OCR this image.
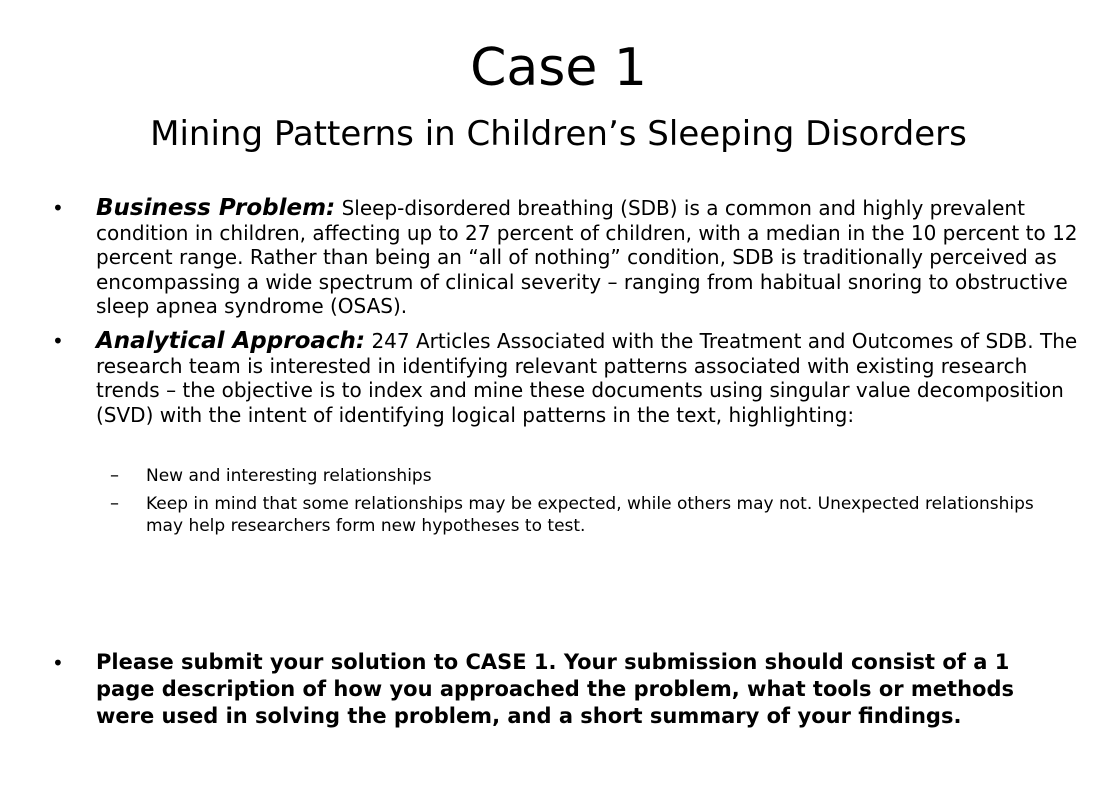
Case 1
Mining Patterns in Children’s Sleeping Disorders
• Business Problem: Sleep-disordered breathing (SDB) is a common and highly prevalent condition in children, affecting up to 27 percent of children, with a median in the 10 percent to 12 percent range. Rather than being an “all of nothing” condition, SDB is traditionally perceived as encompassing a wide spectrum of clinical severity – ranging from habitual snoring to obstructive sleep apnea syndrome (OSAS).

• Analytical Approach: 247 Articles Associated with the Treatment and Outcomes of SDB. The research team is interested in identifying relevant patterns associated with existing research trends – the objective is to index and mine these documents using singular value decomposition (SVD) with the intent of identifying logical patterns in the text, highlighting:

– New and interesting relationships

– Keep in mind that some relationships may be expected, while others may not. Unexpected relationships may help researchers form new hypotheses to test.

• Please submit your solution to CASE 1. Your submission should consist of a 1 page description of how you approached the problem, what tools or methods were used in solving the problem, and a short summary of your findings.
